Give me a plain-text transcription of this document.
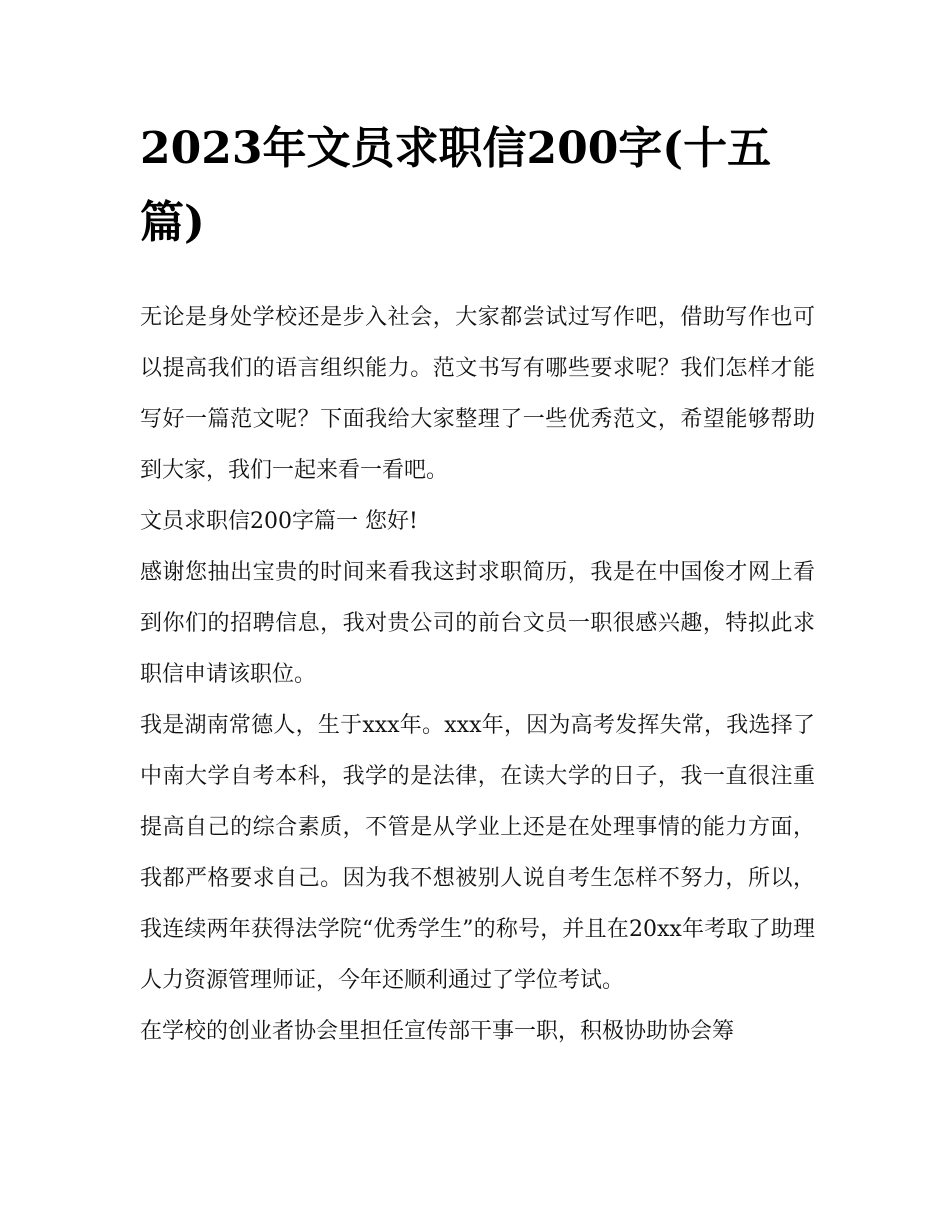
2023年文员求职信200字(十五篇)

无论是身处学校还是步入社会，大家都尝试过写作吧，借助写作也可以提高我们的语言组织能力。范文书写有哪些要求呢？我们怎样才能写好一篇范文呢？下面我给大家整理了一些优秀范文，希望能够帮助到大家，我们一起来看一看吧。

文员求职信200字篇一 您好!

感谢您抽出宝贵的时间来看我这封求职简历，我是在中国俊才网上看到你们的招聘信息，我对贵公司的前台文员一职很感兴趣，特拟此求职信申请该职位。

我是湖南常德人，生于xxx年。xxx年，因为高考发挥失常，我选择了中南大学自考本科，我学的是法律，在读大学的日子，我一直很注重提高自己的综合素质，不管是从学业上还是在处理事情的能力方面，我都严格要求自己。因为我不想被别人说自考生怎样不努力，所以，我连续两年获得法学院“优秀学生”的称号，并且在20xx年考取了助理人力资源管理师证，今年还顺利通过了学位考试。

在学校的创业者协会里担任宣传部干事一职，积极协助协会筹
